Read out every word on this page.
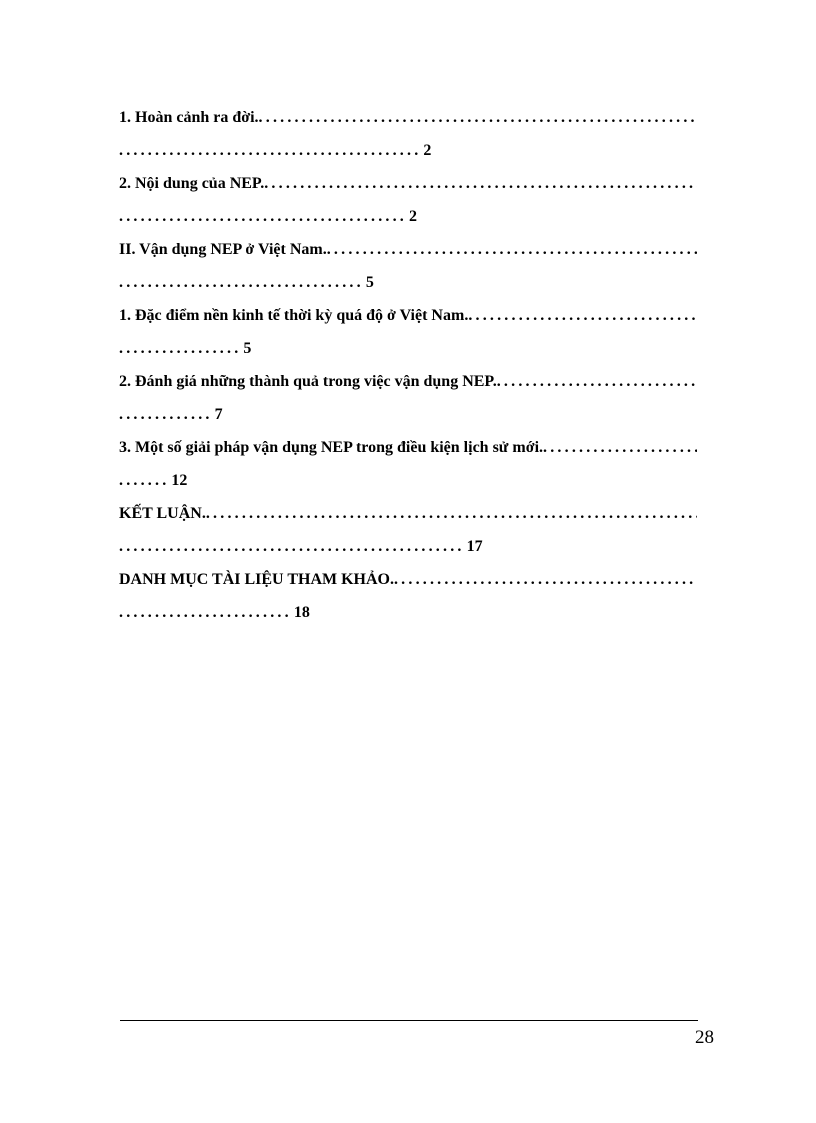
1. Hoàn cảnh ra đời.
.....
.......................................... 2
2. Nội dung của NEP.
.....
........................................ 2
II. Vận dụng NEP ở Việt Nam.
.....
.................................. 5
1. Đặc điểm nền kinh tế thời kỳ quá độ ở Việt Nam.
.....
................. 5
2. Đánh giá những thành quả trong việc vận dụng NEP.
.....
............. 7
3. Một số giải pháp vận dụng NEP trong điều kiện lịch sử mới.
.....
....... 12
KẾT LUẬN.
.....
................................................ 17
DANH MỤC TÀI LIỆU THAM KHẢO.
.....
........................ 18
28
